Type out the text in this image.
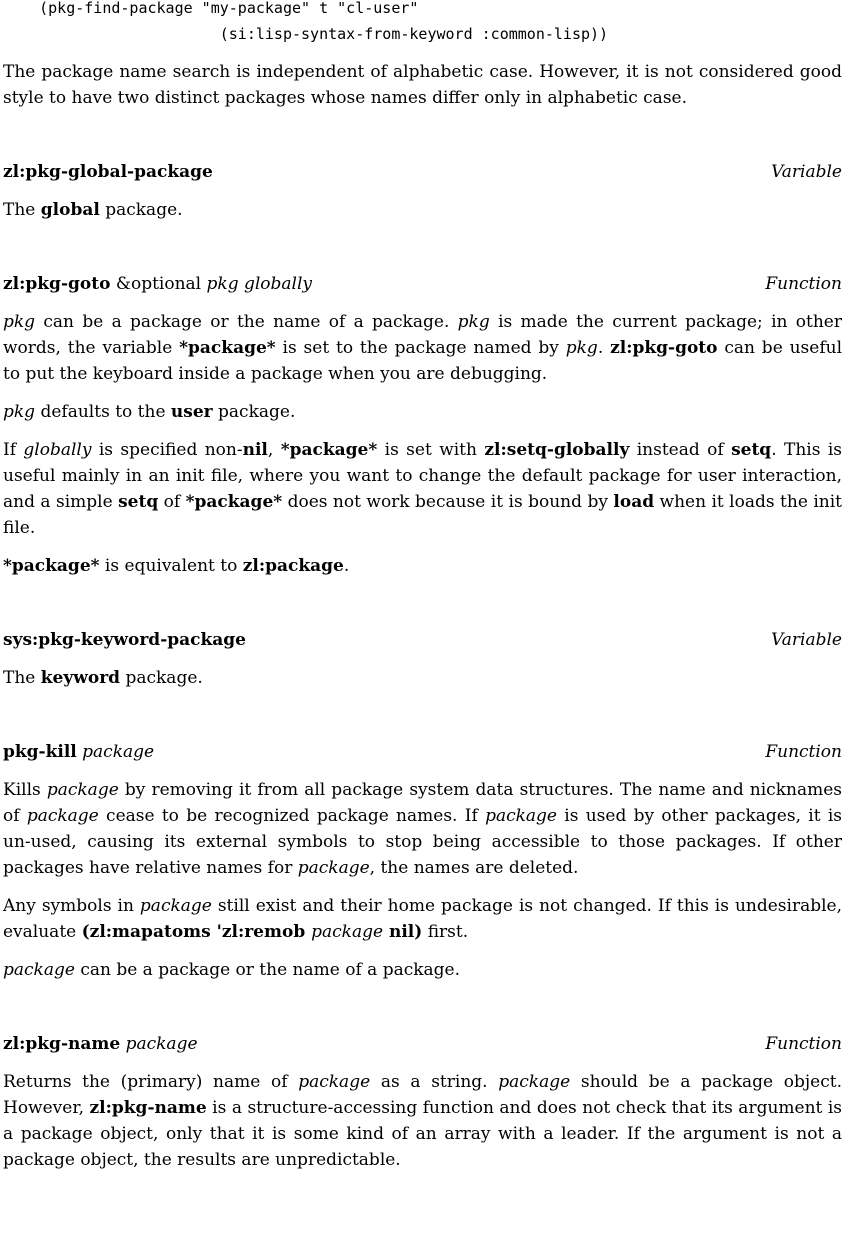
(pkg-find-package "my-package" t "cl-user"
(si:lisp-syntax-from-keyword :common-lisp))

The package name search is independent of alphabetic case. However, it is not considered good style to have two distinct packages whose names differ only in alphabetic case.

zl:pkg-global-package	Variable

The global package.

zl:pkg-goto &optional pkg globally	Function

pkg can be a package or the name of a package. pkg is made the current package; in other words, the variable *package* is set to the package named by pkg. zl:pkg-goto can be useful to put the keyboard inside a package when you are debugging.

pkg defaults to the user package.

If globally is specified non-nil, *package* is set with zl:setq-globally instead of setq. This is useful mainly in an init file, where you want to change the default package for user interaction, and a simple setq of *package* does not work because it is bound by load when it loads the init file.

*package* is equivalent to zl:package.

sys:pkg-keyword-package	Variable

The keyword package.

pkg-kill package	Function

Kills package by removing it from all package system data structures. The name and nicknames of package cease to be recognized package names. If package is used by other packages, it is un-used, causing its external symbols to stop being accessible to those packages. If other packages have relative names for package, the names are deleted.

Any symbols in package still exist and their home package is not changed. If this is undesirable, evaluate (zl:mapatoms 'zl:remob package nil) first.

package can be a package or the name of a package.

zl:pkg-name package	Function

Returns the (primary) name of package as a string. package should be a package object. However, zl:pkg-name is a structure-accessing function and does not check that its argument is a package object, only that it is some kind of an array with a leader. If the argument is not a package object, the results are unpredictable.
